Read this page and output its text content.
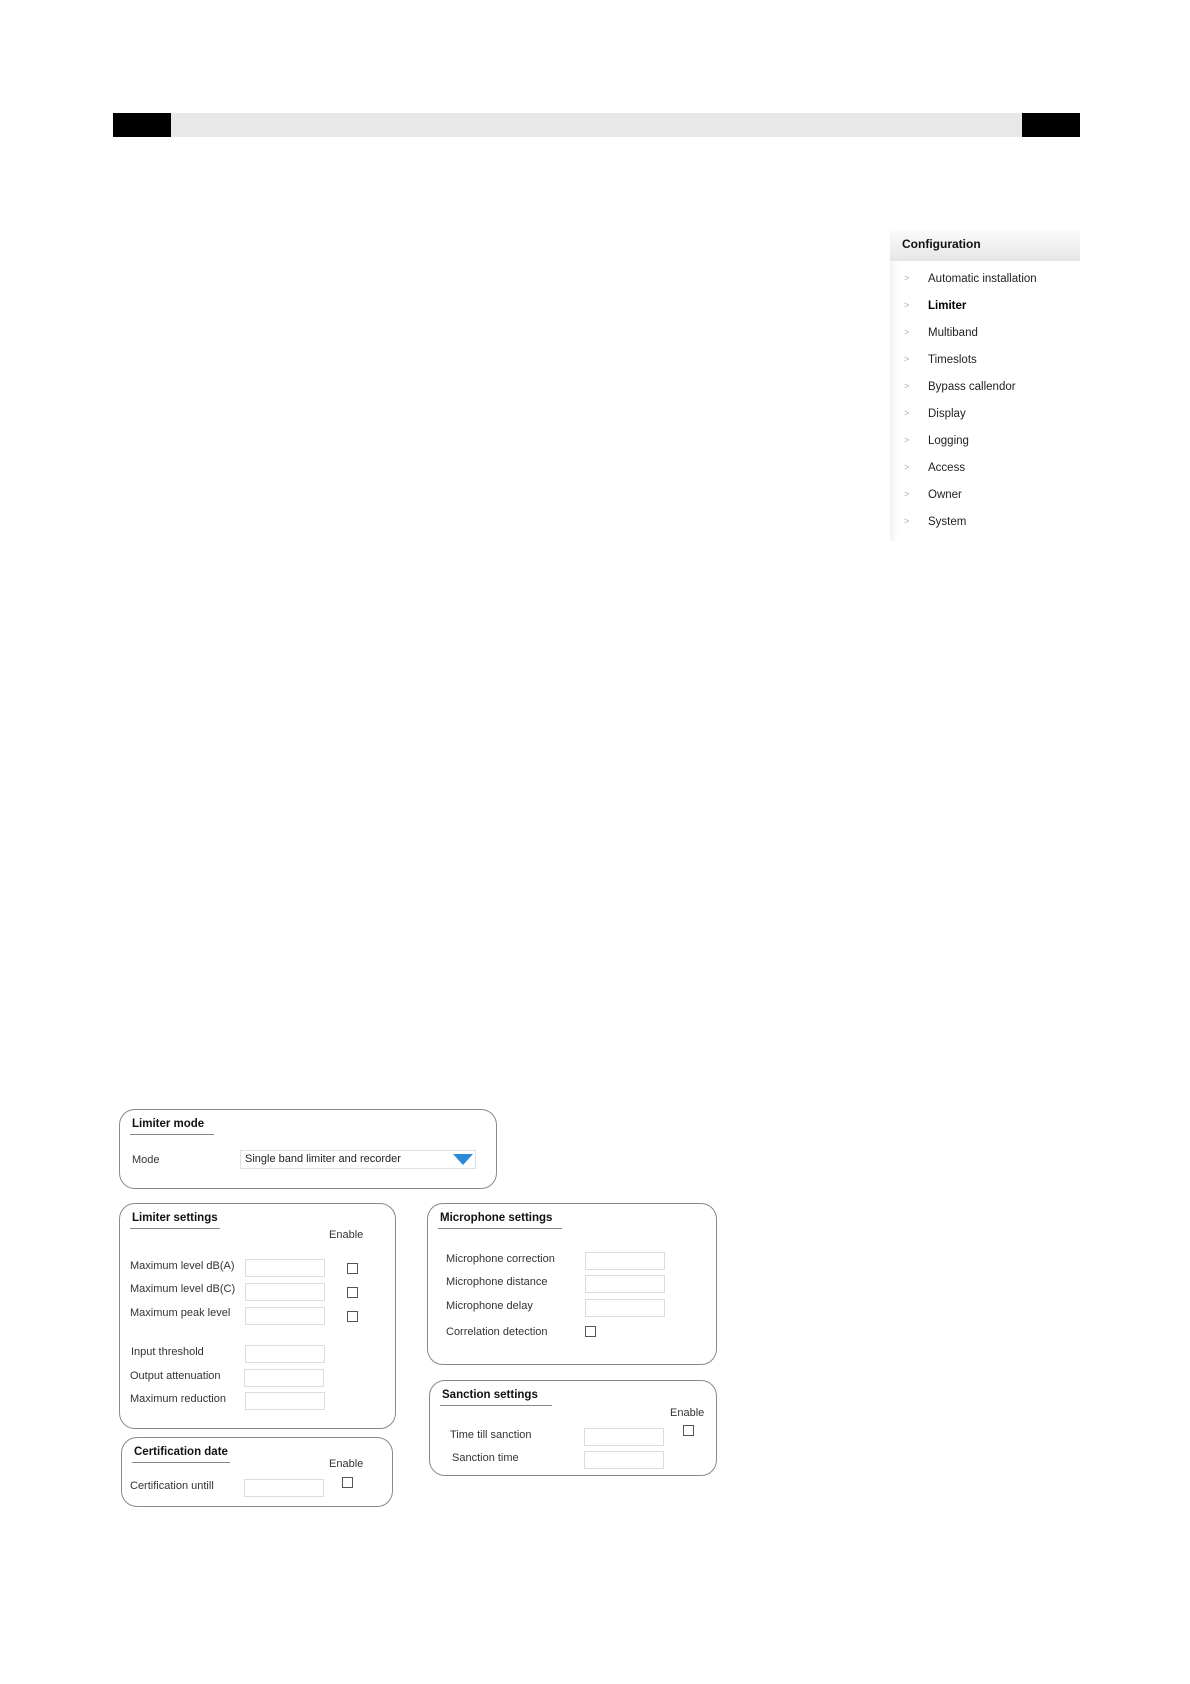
Configuration
> Automatic installation
> Limiter
> Multiband
> Timeslots
> Bypass callendor
> Display
> Logging
> Access
> Owner
> System
Limiter mode
Mode	Single band limiter and recorder
Limiter settings
Enable
Maximum level dB(A)
Maximum level dB(C)
Maximum peak level
Input threshold
Output attenuation
Maximum reduction
Certification date
Enable
Certification untill
Microphone settings
Microphone correction
Microphone distance
Microphone delay
Correlation detection
Sanction settings
Enable
Time till sanction
Sanction time
